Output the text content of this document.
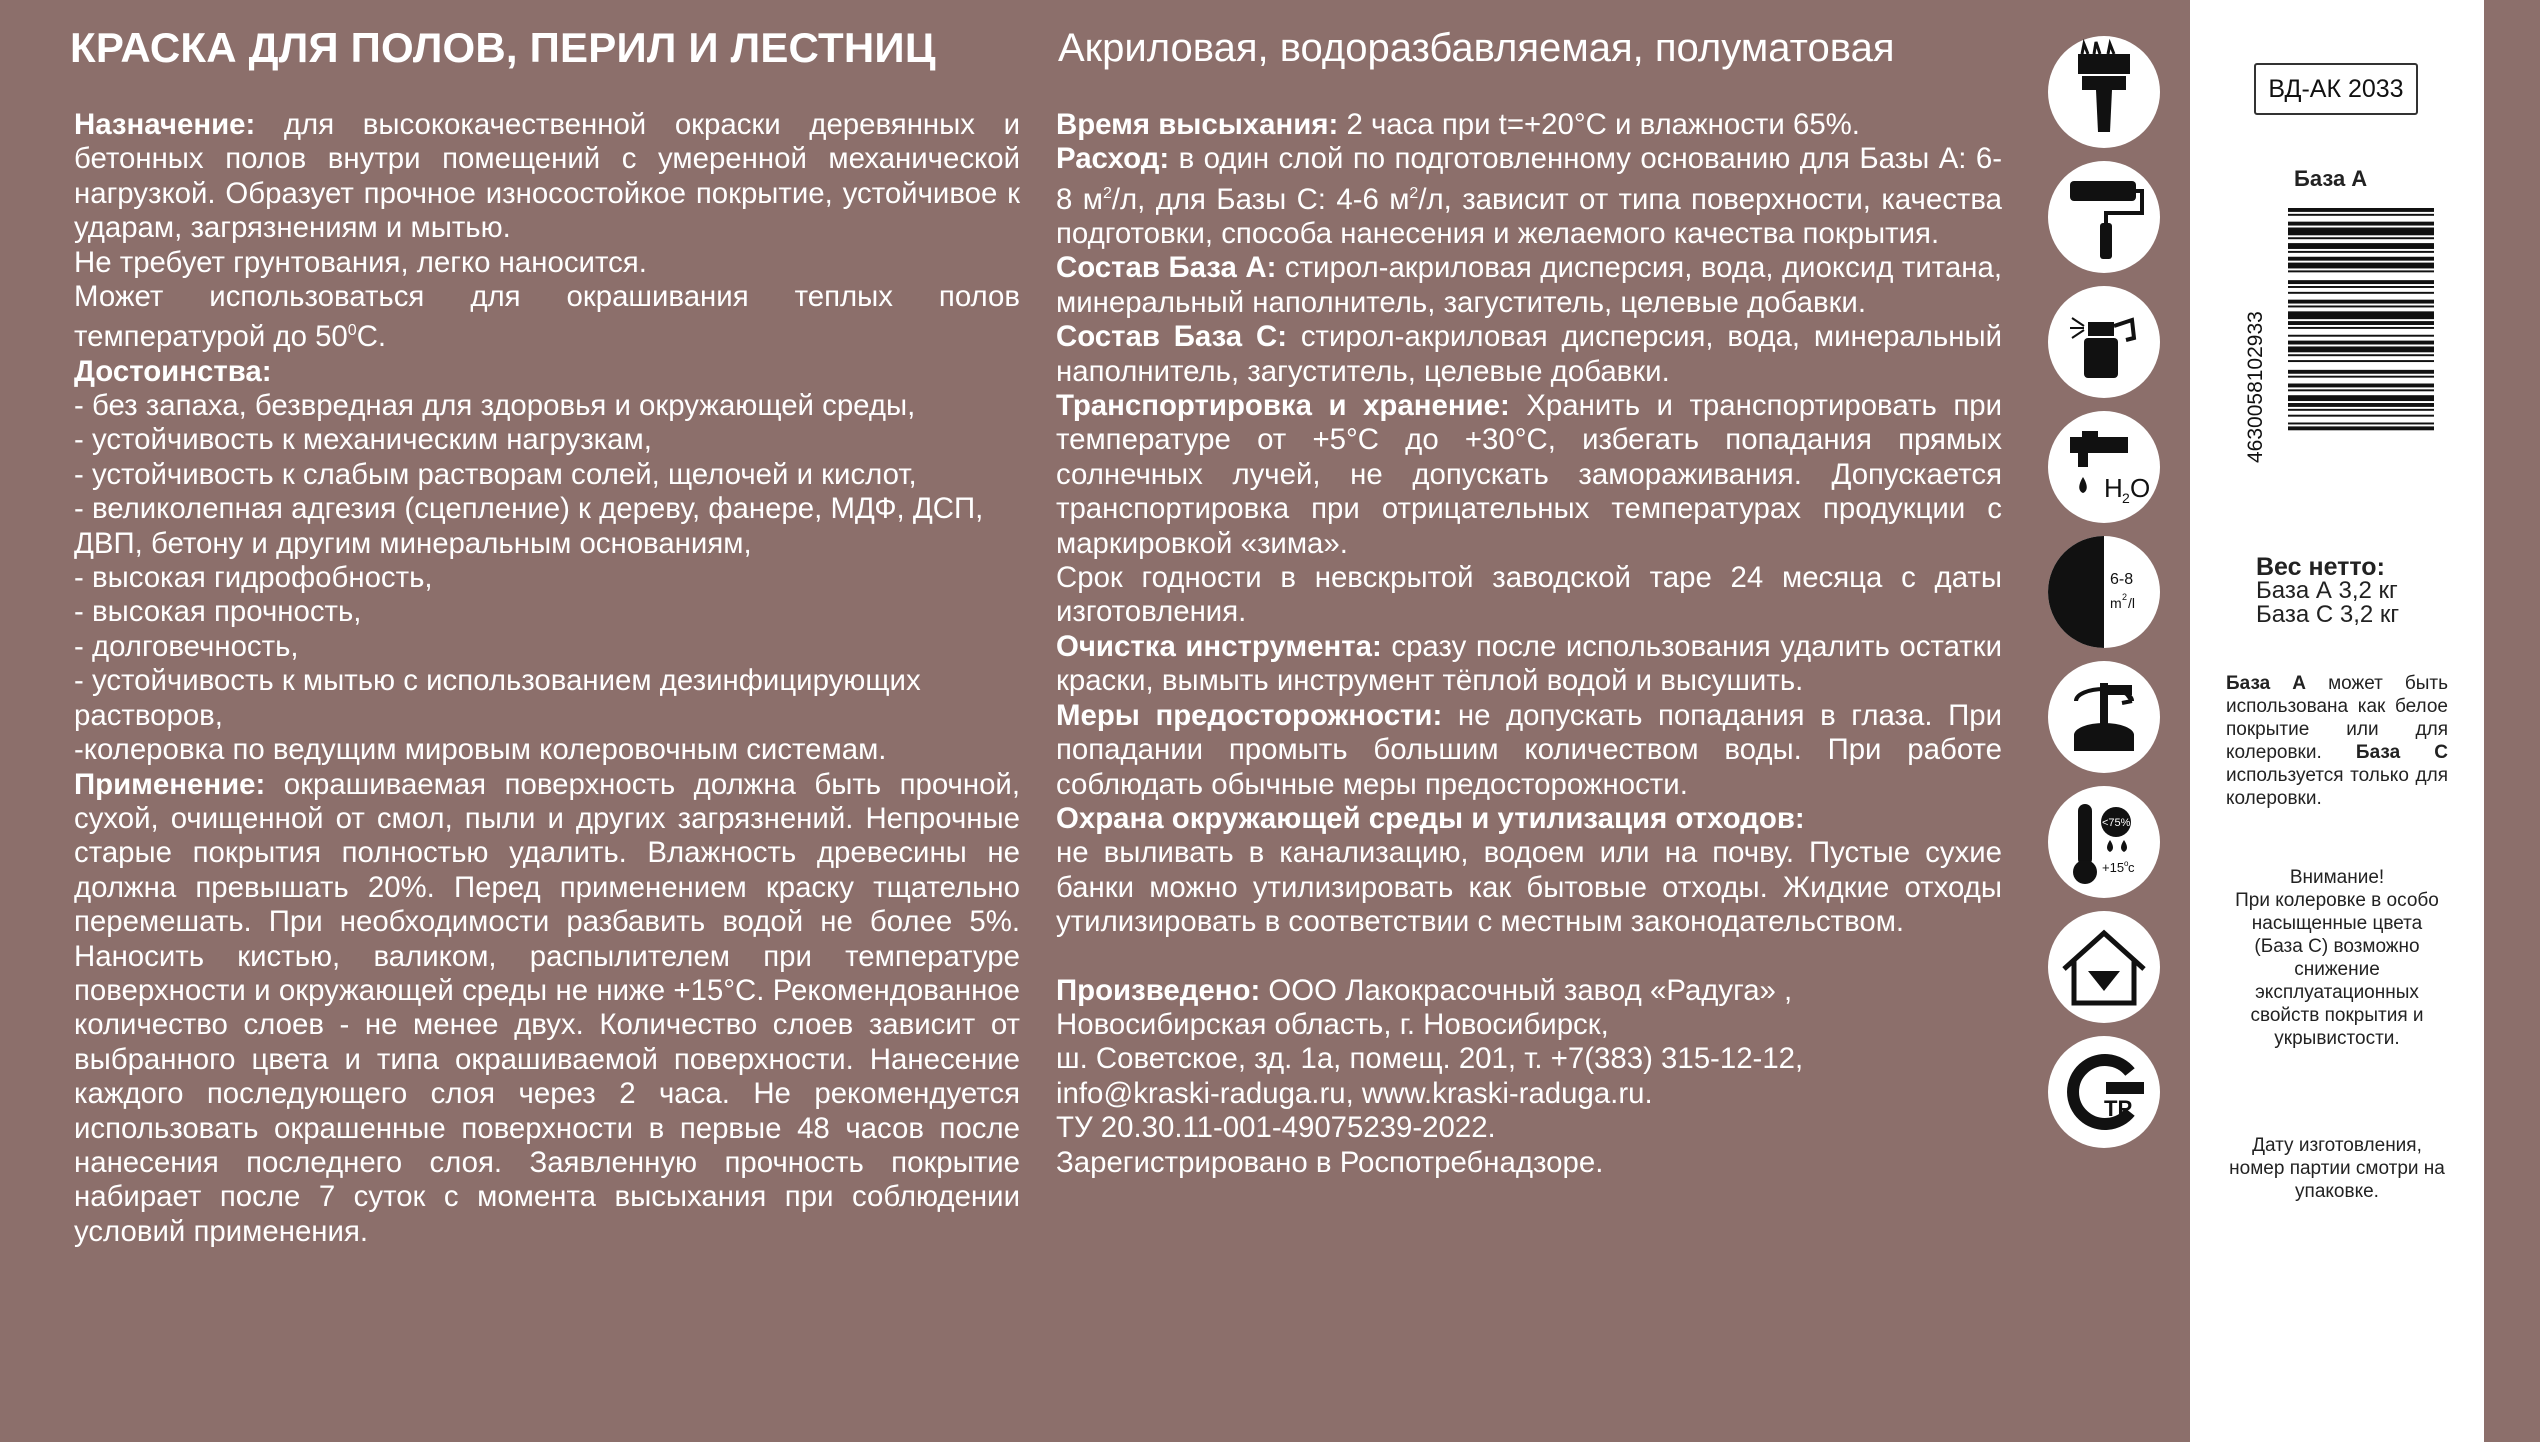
КРАСКА ДЛЯ ПОЛОВ, ПЕРИЛ И ЛЕСТНИЦ	Акриловая, водоразбавляемая, полуматовая

Назначение: для высококачественной окраски деревянных и бетонных полов внутри помещений с умеренной механической нагрузкой. Образует прочное износостойкое покрытие, устойчивое к ударам, загрязнениям и мытью.

Не требует грунтования, легко наносится.

Может использоваться для окрашивания теплых полов температурой до $50^0С$.

Достоинства:

- без запаха, безвредная для здоровья и окружающей среды,

- устойчивость к механическим нагрузкам,

- устойчивость к слабым растворам солей, щелочей и кислот,

- великолепная адгезия (сцепление) к дереву, фанере, МДФ, ДСП, ДВП, бетону и другим минеральным основаниям,

- высокая гидрофобность,

- высокая прочность,

- долговечность,

- устойчивость к мытью с использованием дезинфицирующих растворов,

-колеровка по ведущим мировым колеровочным системам.

Применение: окрашиваемая поверхность должна быть прочной, сухой, очищенной от смол, пыли и других загрязнений. Непрочные старые покрытия полностью удалить. Влажность древесины не должна превышать 20%. Перед применением краску тщательно перемешать. При необходимости разбавить водой не более 5%. Наносить кистью, валиком, распылителем при температуре поверхности и окружающей среды не ниже +15°С. Рекомендованное количество слоев - не менее двух. Количество слоев зависит от выбранного цвета и типа окрашиваемой поверхности. Нанесение каждого последующего слоя через 2 часа. Не рекомендуется использовать окрашенные поверхности в первые 48 часов после нанесения последнего слоя. Заявленную прочность покрытие набирает после 7 суток с момента высыхания при соблюдении условий применения.

Время высыхания: 2 часа при t=+20°С и влажности 65%.

Расход: в один слой по подготовленному основанию для Базы А: 6-8 $м^2/л$, для Базы С: 4-6 $м^2/л$, зависит от типа поверхности, качества подготовки, способа нанесения и желаемого качества покрытия.

Состав База А: стирол-акриловая дисперсия, вода, диоксид титана, минеральный наполнитель, загуститель, целевые добавки.

Состав База С: стирол-акриловая дисперсия, вода, минеральный наполнитель, загуститель, целевые добавки.

Транспортировка и хранение: Хранить и транспортировать при температуре от +5°С до +30°С, избегать попадания прямых солнечных лучей, не допускать замораживания. Допускается транспортировка при отрицательных температурах продукции с маркировкой «зима».

Срок годности в невскрытой заводской таре 24 месяца с даты изготовления.

Очистка инструмента: сразу после использования удалить остатки краски, вымыть инструмент тёплой водой и высушить.

Меры предосторожности: не допускать попадания в глаза. При попадании промыть большим количеством воды. При работе соблюдать обычные меры предосторожности.

Охрана окружающей среды и утилизация отходов:

не выливать в канализацию, водоем или на почву. Пустые сухие банки можно утилизировать как бытовые отходы. Жидкие отходы утилизировать в соответствии с местным законодательством.

Произведено: ООО Лакокрасочный завод «Радуга» ,

Новосибирская область, г. Новосибирск,

ш. Советское, зд. 1а, помещ. 201, т. +7(383) 315-12-12,

info@kraski-raduga.ru, www.kraski-raduga.ru.

ТУ 20.30.11-001-49075239-2022.

Зарегистрировано в Роспотребнадзоре.

H 2 O
6-8
m 2 /l
<75%
+15 o c
ТР
ВД-АК 2033
База А
4630058102933
Вес нетто:
База А 3,2 кг
База С 3,2 кг
База А может быть использована как белое покрытие или для колеровки. База С используется только для колеровки.
Внимание!
При колеровке в особо насыщенные цвета (База С) возможно снижение эксплуатационных свойств покрытия и укрывистости.
Дату изготовления, номер партии смотри на упаковке.
